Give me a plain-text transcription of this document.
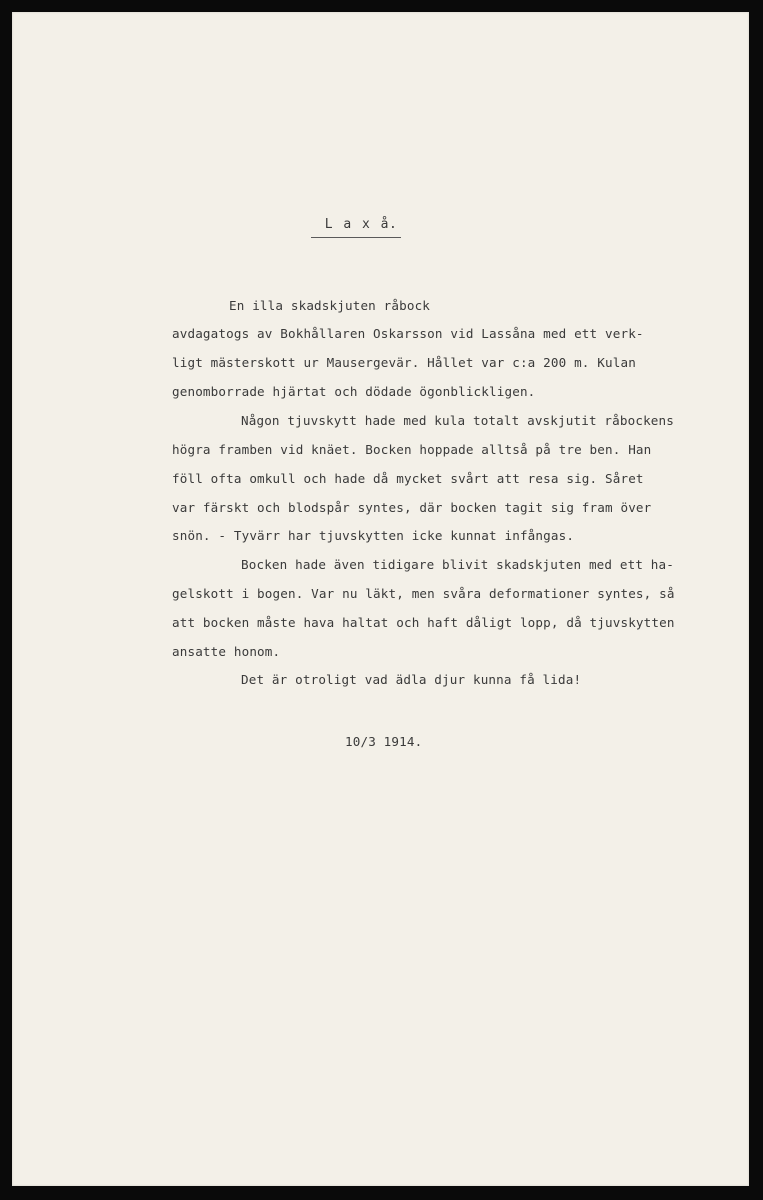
L a x å.
En illa skadskjuten råbock
avdagatogs av Bokhållaren Oskarsson vid Lassåna med ett verk-
ligt mästerskott ur Mausergevär. Hållet var c:a 200 m. Kulan
genomborrade hjärtat och dödade ögonblickligen.
Någon tjuvskytt hade med kula totalt avskjutit råbockens
högra framben vid knäet. Bocken hoppade alltså på tre ben. Han
föll ofta omkull och hade då mycket svårt att resa sig. Såret
var färskt och blodspår syntes, där bocken tagit sig fram över
snön. - Tyvärr har tjuvskytten icke kunnat infångas.
Bocken hade även tidigare blivit skadskjuten med ett ha-
gelskott i bogen. Var nu läkt, men svåra deformationer syntes, så
att bocken måste hava haltat och haft dåligt lopp, då tjuvskytten
ansatte honom.
Det är otroligt vad ädla djur kunna få lida!
10/3 1914.
